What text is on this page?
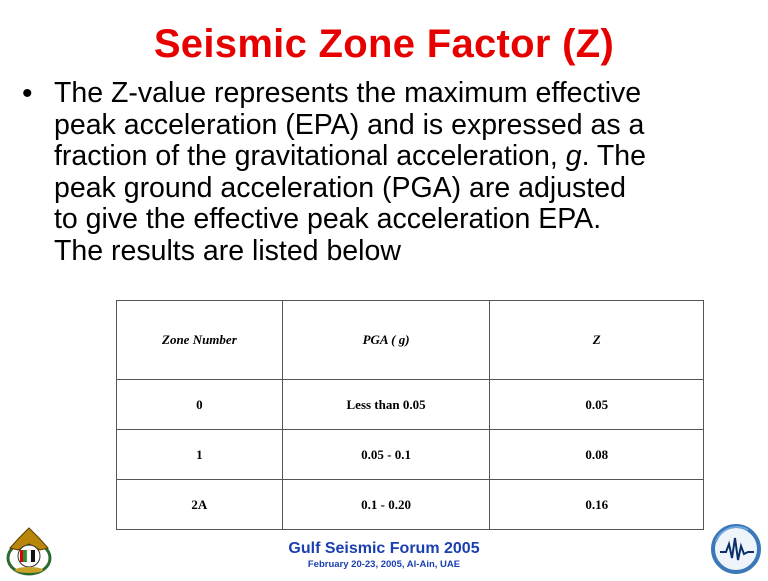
Seismic Zone Factor (Z)
• The Z-value represents the maximum effective
peak acceleration (EPA) and is expressed as a
fraction of the gravitational acceleration, g. The
peak ground acceleration (PGA) are adjusted
to give the effective peak acceleration EPA.
The results are listed below
Zone Number	PGA ( g)	Z
0	Less than 0.05	0.05
1	0.05 - 0.1	0.08
2A	0.1 - 0.20	0.16
Gulf Seismic Forum 2005
February 20-23, 2005, Al-Ain, UAE
